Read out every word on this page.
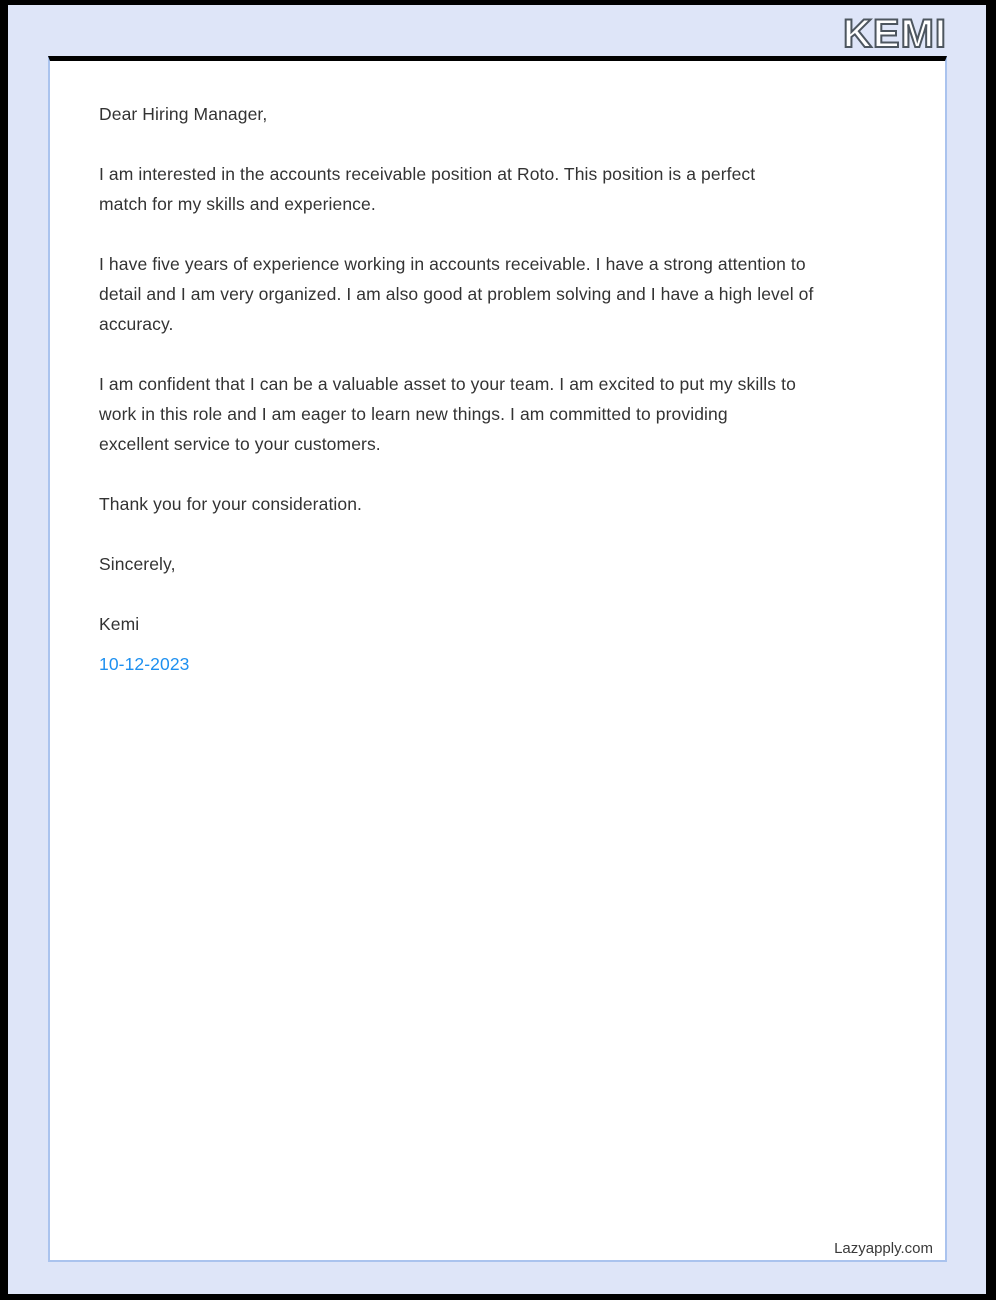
KEMI

Dear Hiring Manager,

I am interested in the accounts receivable position at Roto. This position is a perfect
match for my skills and experience.

I have five years of experience working in accounts receivable. I have a strong attention to
detail and I am very organized. I am also good at problem solving and I have a high level of
accuracy.

I am confident that I can be a valuable asset to your team. I am excited to put my skills to
work in this role and I am eager to learn new things. I am committed to providing
excellent service to your customers.

Thank you for your consideration.

Sincerely,

Kemi

10-12-2023

Lazyapply.com
